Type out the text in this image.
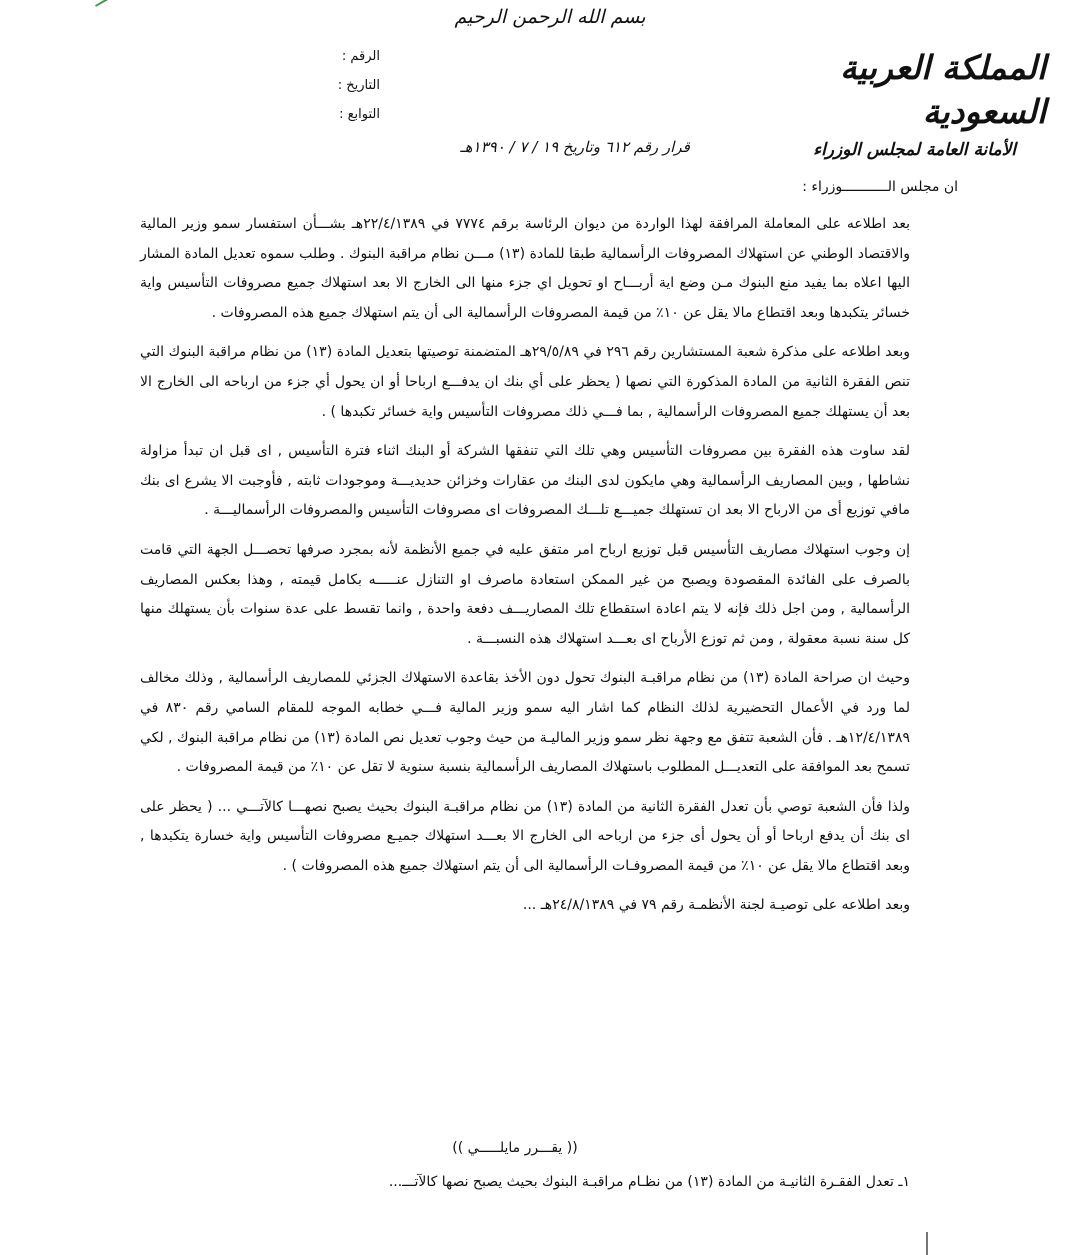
بسم الله الرحمن الرحيم
الرقم :
التاريخ :
التوابع :
المملكة العربية السعودية
الأمانة العامة لمجلس الوزراء
قرار رقم ٦١٢ وتاريخ ١٩ / ٧ / ١٣٩٠هـ
ان مجلس الـــــــــــوزراء :

بعد اطلاعه على المعاملة المرافقة لهذا الواردة من ديوان الرئاسة برقم ٧٧٧٤ في ٢٢/٤/١٣٨٩هـ بشـــأن استفسار سمو وزير المالية والاقتصاد الوطني عن استهلاك المصروفات الرأسمالية طبقا للمادة (١٣) مـــن نظام مراقبة البنوك . وطلب سموه تعديل المادة المشار اليها اعلاه بما يفيد منع البنوك مـن وضع اية أربـــاح او تحويل اي جزء منها الى الخارج الا بعد استهلاك جميع مصروفات التأسيس واية خسائر يتكبدها وبعد اقتطاع مالا يقل عن ١٠٪ من قيمة المصروفات الرأسمالية الى أن يتم استهلاك جميع هذه المصروفات .

وبعد اطلاعه على مذكرة شعبة المستشارين رقم ٢٩٦ في ٢٩/٥/٨٩هـ المتضمنة توصيتها بتعديل المادة (١٣) من نظام مراقبة البنوك التي تنص الفقرة الثانية من المادة المذكورة التي نصها ( يحظر على أي بنك ان يدفـــع ارباحا أو ان يحول أي جزء من ارباحه الى الخارج الا بعد أن يستهلك جميع المصروفات الرأسمالية , بما فـــي ذلك مصروفات التأسيس واية خسائر تكبدها ) .

لقد ساوت هذه الفقرة بين مصروفات التأسيس وهي تلك التي تنفقها الشركة أو البنك اثناء فترة التأسيس , اى قبل ان تبدأ مزاولة نشاطها , وبين المصاريف الرأسمالية وهي مايكون لدى البنك من عقارات وخزائن حديديـــة وموجودات ثابته , فأوجبت الا يشرع اى بنك مافي توزيع أى من الارباح الا بعد ان تستهلك جميـــع تلـــك المصروفات اى مصروفات التأسيس والمصروفات الرأسماليـــة .

إن وجوب استهلاك مصاريف التأسيس قبل توزيع ارباح امر متفق عليه في جميع الأنظمة لأنه بمجرد صرفها تحصـــل الجهة التي قامت بالصرف على الفائدة المقصودة ويصبح من غير الممكن استعادة ماصرف او التنازل عنـــــه بكامل قيمته , وهذا بعكس المصاريف الرأسمالية , ومن اجل ذلك فإنه لا يتم اعادة استقطاع تلك المصاريـــف دفعة واحدة , وانما تقسط على عدة سنوات بأن يستهلك منها كل سنة نسبة معقولة , ومن ثم توزع الأرباح اى بعـــد استهلاك هذه النسبـــة .

وحيث ان صراحة المادة (١٣) من نظام مراقبـة البنوك تحول دون الأخذ بقاعدة الاستهلاك الجزئي للمصاريف الرأسمالية , وذلك مخالف لما ورد في الأعمال التحضيرية لذلك النظام كما اشار اليه سمو وزير المالية فـــي خطابه الموجه للمقام السامي رقم ٨٣٠ في ١٢/٤/١٣٨٩هـ . فأن الشعبة تتفق مع وجهة نظر سمو وزير الماليـة من حيث وجوب تعديل نص المادة (١٣) من نظام مراقبة البنوك , لكي تسمح بعد الموافقة على التعديـــل المطلوب باستهلاك المصاريف الرأسمالية بنسبة سنوية لا تقل عن ١٠٪ من قيمة المصروفات .

ولذا فأن الشعبة توصي بأن تعدل الفقرة الثانية من المادة (١٣) من نظام مراقبـة البنوك بحيث يصبح نصهـــا كالآتـــي ... ( يحظر على اى بنك أن يدفع ارباحا أو أن يحول أى جزء من ارباحه الى الخارج الا بعـــد استهلاك جميـع مصروفات التأسيس واية خسارة يتكبدها , وبعد اقتطاع مالا يقل عن ١٠٪ من قيمة المصروفـات الرأسمالية الى أن يتم استهلاك جميع هذه المصروفات ) .

وبعد اطلاعه على توصيـة لجنة الأنظمـة رقم ٧٩ في ٢٤/٨/١٣٨٩هـ ...

(( يقـــرر مايلـــــي ))
١ـ تعدل الفقـرة الثانيـة من المادة (١٣) من نظـام مراقبـة البنوك بحيث يصبح نصها كالآتـــ...
